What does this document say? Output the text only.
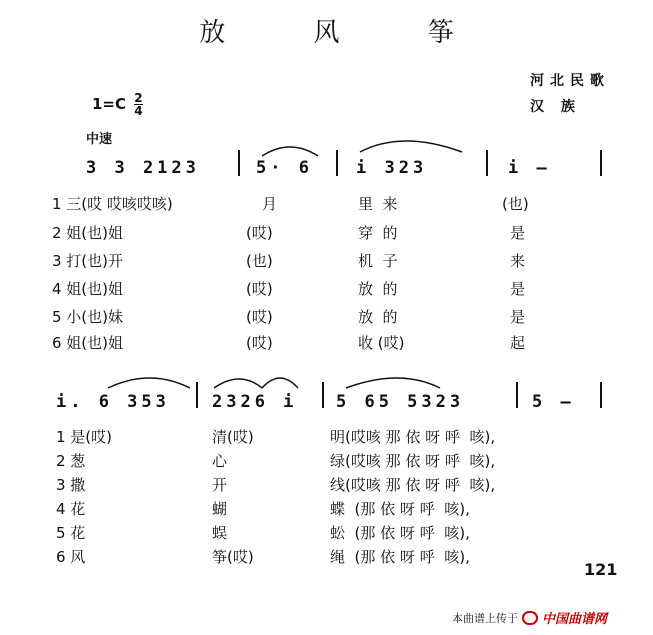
放 风 筝
河北民歌
汉 族
$1=C \frac{2}{4}$
中速
3 3 2123	5· 6	i 323	i –
1 三(哎 哎咳哎咳)	月	里  来	(也)
2 姐(也)姐	(哎)	穿  的	是
3 打(也)开	(也)	机  子	来
4 姐(也)姐	(哎)	放  的	是
5 小(也)妹	(哎)	放  的	是
6 姐(也)姐	(哎)	收 (哎)	起
i. 6 353 2326 i 5 65 5323	5 –
1 是(哎)	清(哎)	明(哎咳 那 依 呀 呼  咳),
2 葱	心	绿(哎咳 那 依 呀 呼  咳),
3 撒	开	线(哎咳 那 依 呀 呼  咳),
4 花	蝴	蝶  (那 依 呀 呼  咳),
5 花	蜈	蚣  (那 依 呀 呼  咳),
6 风	筝(哎)	绳  (那 依 呀 呼  咳),
121
本曲谱上传于 中国曲谱网
